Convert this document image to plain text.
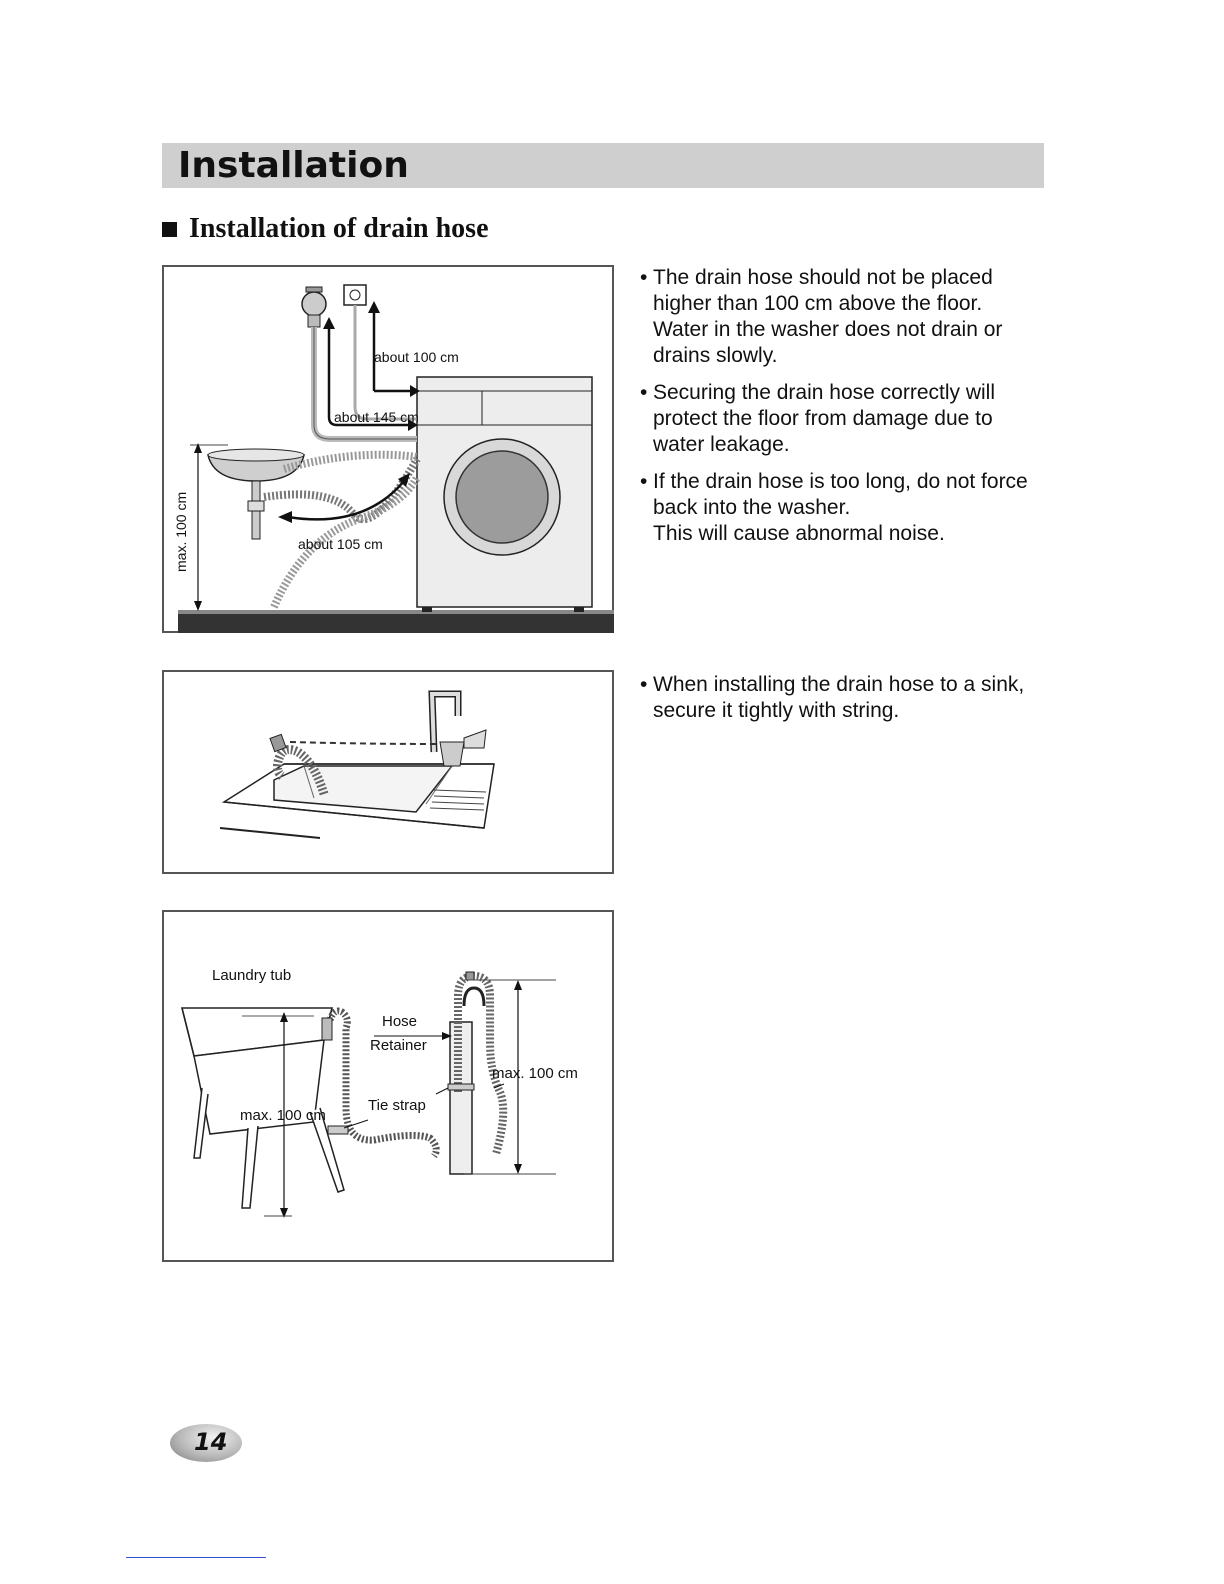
Installation
Installation of drain hose
about 100 cm
about 145 cm
about 105 cm
max. 100 cm
• The drain hose should not be placed
higher than 100 cm above the floor.
Water in the washer does not drain or
drains slowly.
• Securing the drain hose correctly will
protect the floor from damage due to
water leakage.
• If the drain hose is too long, do not force
back into the washer.
This will cause abnormal noise.
• When installing the drain hose to a sink,
secure it tightly with string.
Laundry tub
Hose
Retainer
Tie strap
max. 100 cm
max. 100 cm
14
